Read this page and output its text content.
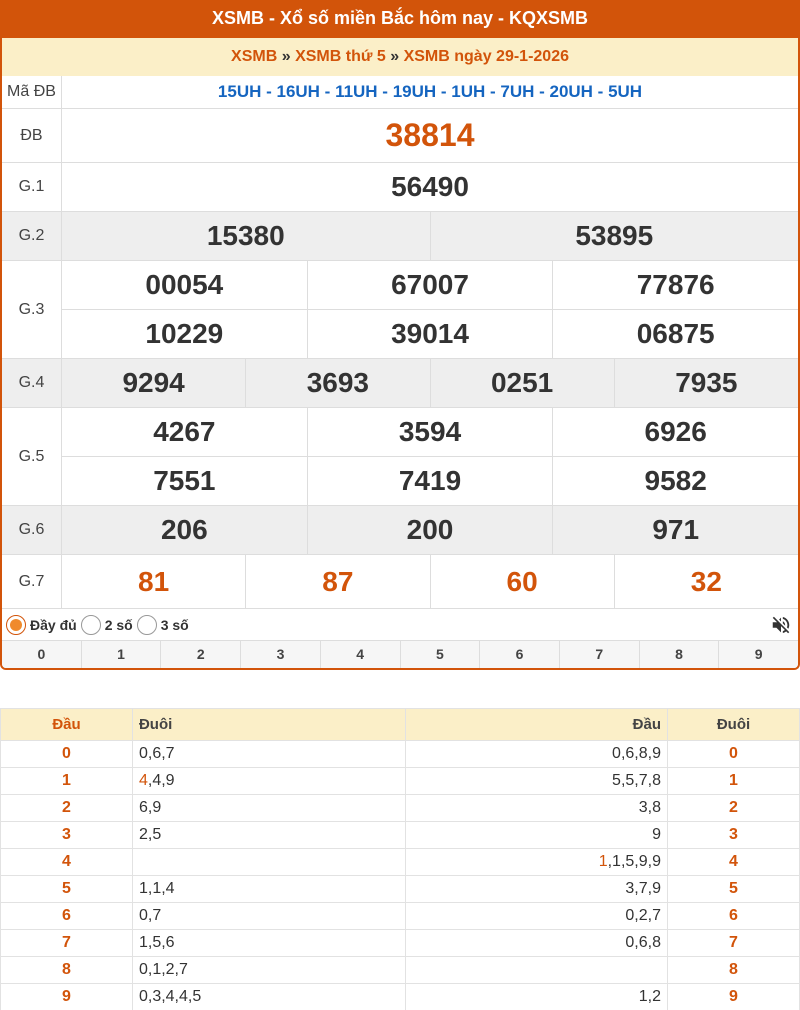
XSMB - Xổ số miền Bắc hôm nay - KQXSMB
XSMB » XSMB thứ 5 » XSMB ngày 29-1-2026
Mã ĐB	15UH - 16UH - 11UH - 19UH - 1UH - 7UH - 20UH - 5UH
ĐB	38814
G.1	56490
G.2	15380	53895
G.3
00054	67007	77876
10229	39014	06875
G.4	9294	3693	0251	7935
G.5
4267	3594	6926
7551	7419	9582
G.6	206	200	971
G.7	81	87	60	32
Đầy đủ 2 số 3 số
0	1	2	3	4	5	6	7	8	9
Đầu	Đuôi	Đầu	Đuôi
0	0,6,7	0,6,8,9	0
1	4,4,9	5,5,7,8	1
2	6,9	3,8	2
3	2,5	9	3
4		1,1,5,9,9	4
5	1,1,4	3,7,9	5
6	0,7	0,2,7	6
7	1,5,6	0,6,8	7
8	0,1,2,7		8
9	0,3,4,4,5	1,2	9
